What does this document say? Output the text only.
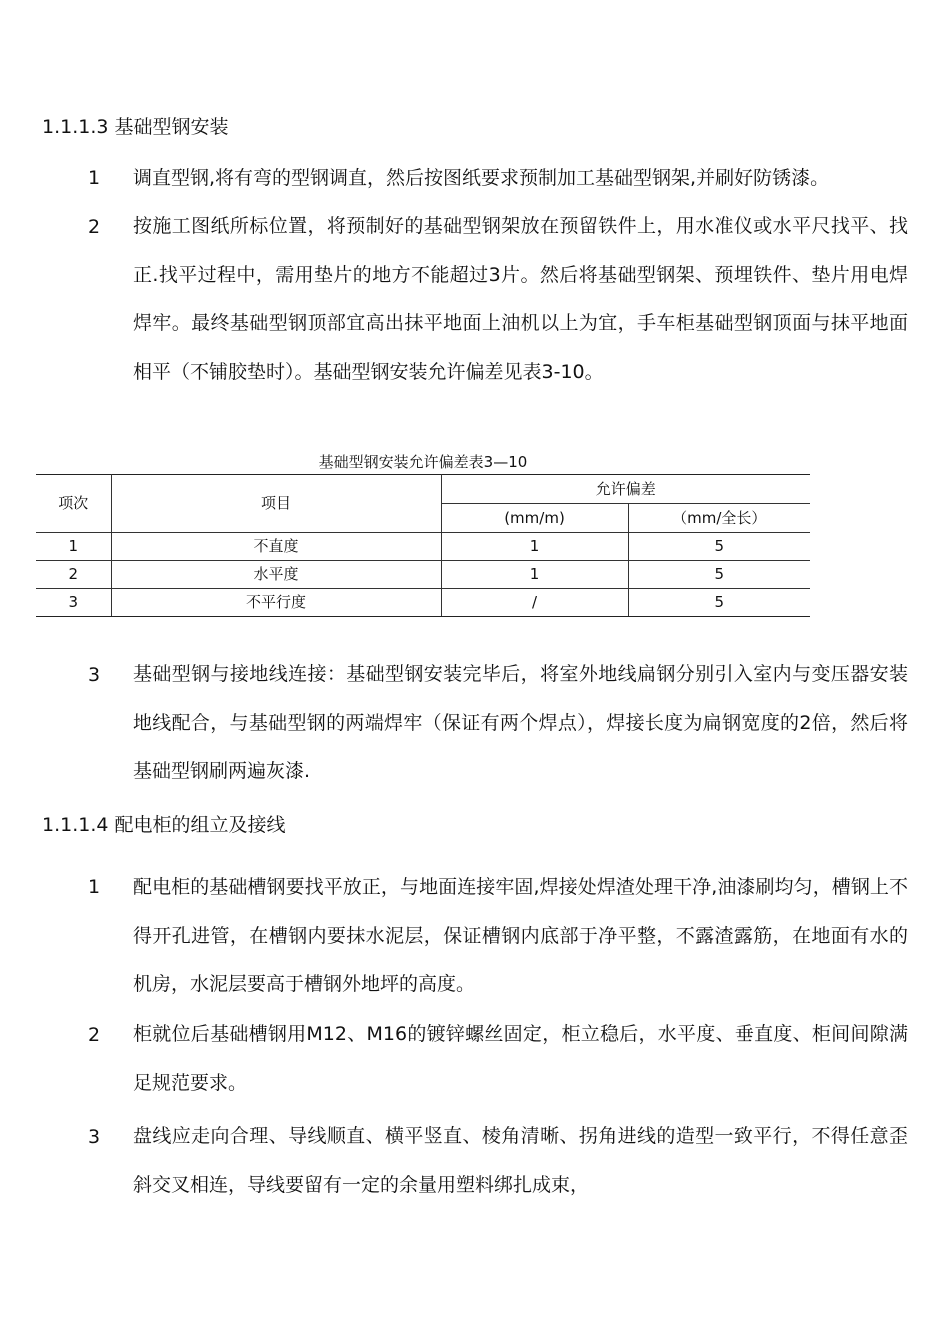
1.1.1.3 基础型钢安装
1 调直型钢,将有弯的型钢调直，然后按图纸要求预制加工基础型钢架,并刷好防锈漆。
2 按施工图纸所标位置，将预制好的基础型钢架放在预留铁件上，用水准仪或水平尺找平、找正.找平过程中，需用垫片的地方不能超过3片。然后将基础型钢架、预埋铁件、垫片用电焊焊牢。最终基础型钢顶部宜高出抹平地面上油机以上为宜，手车柜基础型钢顶面与抹平地面相平（不铺胶垫时）。基础型钢安装允许偏差见表3-10。
基础型钢安装允许偏差表3—10
项次	项目	允许偏差	
		(mm/m)	（mm/全长）
1	不直度	1	5
2	水平度	1	5
3	不平行度	/	5
3 基础型钢与接地线连接：基础型钢安装完毕后，将室外地线扁钢分别引入室内与变压器安装地线配合，与基础型钢的两端焊牢（保证有两个焊点），焊接长度为扁钢宽度的2倍，然后将基础型钢刷两遍灰漆.
1.1.1.4 配电柜的组立及接线
1 配电柜的基础槽钢要找平放正，与地面连接牢固,焊接处焊渣处理干净,油漆刷均匀，槽钢上不得开孔进管，在槽钢内要抹水泥层，保证槽钢内底部于净平整，不露渣露筋，在地面有水的机房，水泥层要高于槽钢外地坪的高度。
2 柜就位后基础槽钢用M12、M16的镀锌螺丝固定，柜立稳后，水平度、垂直度、柜间间隙满足规范要求。
3 盘线应走向合理、导线顺直、横平竖直、棱角清晰、拐角进线的造型一致平行，不得任意歪斜交叉相连，导线要留有一定的余量用塑料绑扎成束，
